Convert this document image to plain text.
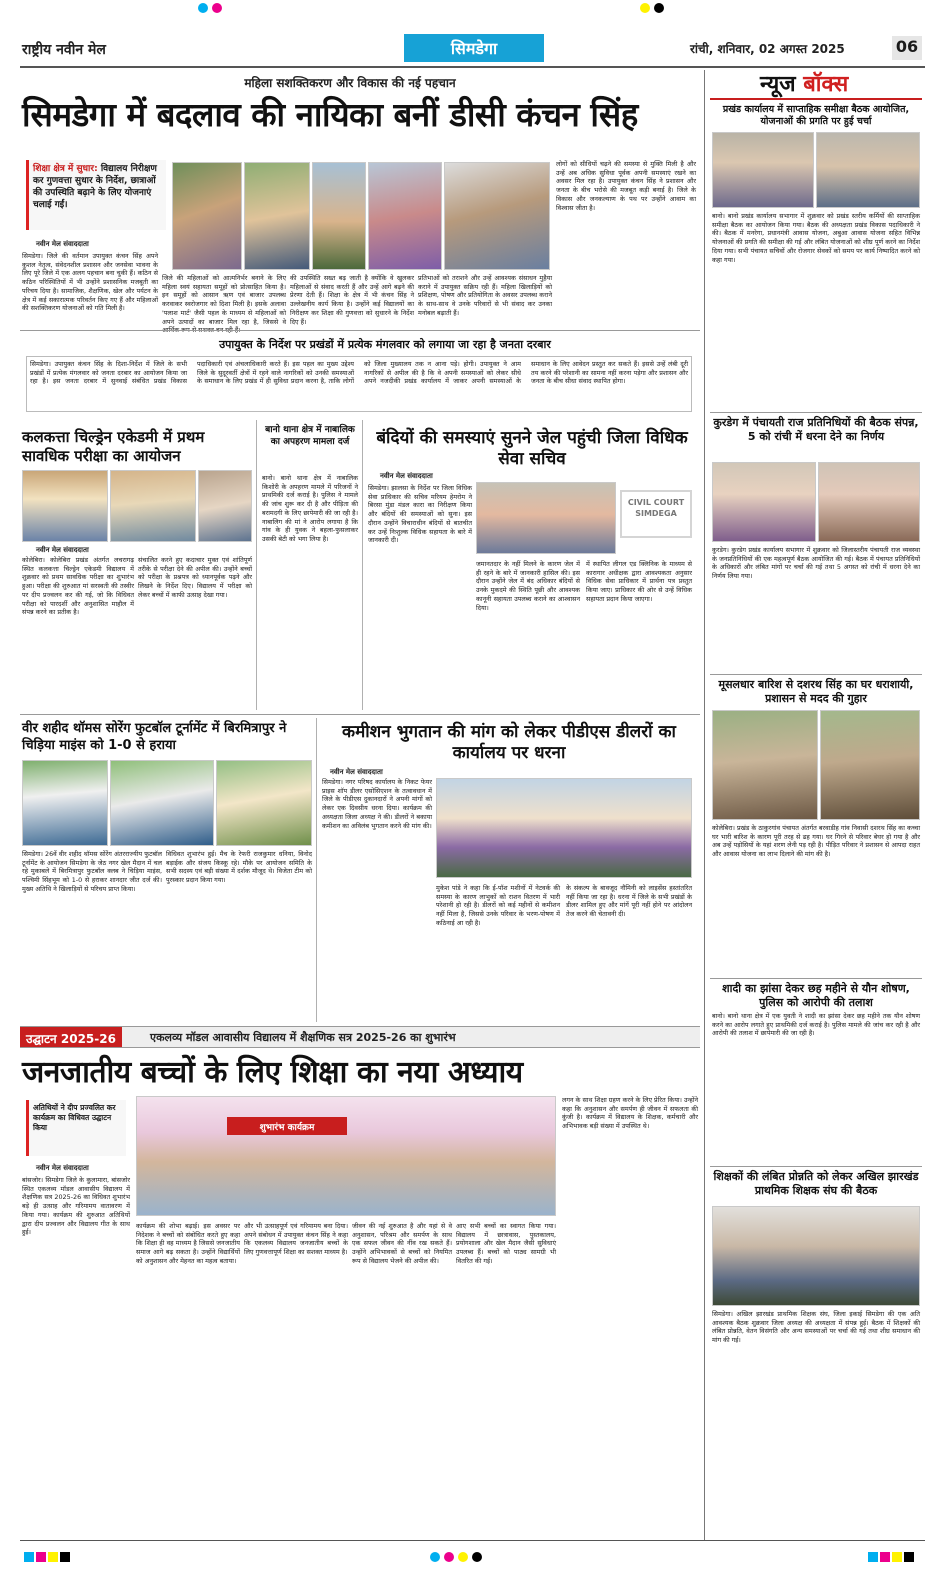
राष्ट्रीय नवीन मेल	सिमडेगा	रांची, शनिवार, 02 अगस्त 2025	06
महिला सशक्तिकरण और विकास की नई पहचान
सिमडेगा में बदलाव की नायिका बनीं डीसी कंचन सिंह
शिक्षा क्षेत्र में सुधार: विद्यालय निरीक्षण कर गुणवत्ता सुधार के निर्देश, छात्राओं की उपस्थिति बढ़ाने के लिए योजनाएं चलाई गईं।
नवीन मेल संवाददाता
सिमडेगा। जिले की वर्तमान उपायुक्त कंचन सिंह अपने कुशल नेतृत्व, संवेदनशील प्रशासन और जनसेवा भावना के लिए पूरे जिले में एक अलग पहचान बना चुकी हैं। कठिन से कठिन परिस्थितियों में भी उन्होंने प्रशासनिक मजबूती का परिचय दिया है। सामाजिक, शैक्षणिक, खेल और पर्यटन के क्षेत्र में कई सकारात्मक परिवर्तन किए गए हैं और महिलाओं की सशक्तिकरण योजनाओं को गति मिली है।
जिले की महिलाओं को आत्मनिर्भर बनाने के लिए महिला स्वयं सहायता समूहों को प्रोत्साहित किया है। इन समूहों को आसान ऋण एवं बाजार उपलब्ध करवाकर स्वरोजगार को दिशा मिली है। इसके अलावा 'पलाश मार्ट' जैसी पहल के माध्यम से महिलाओं को अपने उत्पादों का बाजार मिल रहा है, जिससे वे
की उपस्थिति सख्त बढ़ जाती है क्योंकि वे खुलकर महिलाओं से संवाद करती हैं और उन्हें आगे बढ़ने की प्रेरणा देती हैं। शिक्षा के क्षेत्र में भी कंचन सिंह ने उल्लेखनीय कार्य किया है। उन्होंने कई विद्यालयों का निरीक्षण कर शिक्षा की गुणवत्ता को सुधारने के निर्देश दिए हैं।
प्रतिभाओं को तराशने और उन्हें आवश्यक संसाधन मुहैया कराने में उपायुक्त सक्रिय रही हैं। महिला खिलाड़ियों को प्रशिक्षण, पोषण और प्रतियोगिता के अवसर उपलब्ध कराने के साथ-साथ वे उनके परिवारों से भी संवाद कर उनका मनोबल बढ़ाती हैं।
लोगों को सीधियों चढ़ने की समस्या से मुक्ति मिली है और उन्हें अब अधिक सुविधा पूर्वक अपनी समस्याएं रखने का अवसर मिल रहा है। उपायुक्त कंचन सिंह ने प्रशासन और जनता के बीच भरोसे की मजबूत कड़ी बनाई है। जिले के विकास और जनकल्याण के पथ पर उन्होंने आवाम का विश्वास जीता है।
उपायुक्त के निर्देश पर प्रखंडों में प्रत्येक मंगलवार को लगाया जा रहा है जनता दरबार
सिमडेगा। उपायुक्त कंचन सिंह के दिशा-निर्देश में जिले के सभी प्रखंडों में प्रत्येक मंगलवार को जनता दरबार का आयोजन किया जा रहा है। इस जनता दरबार में सुनवाई संबंधित प्रखंड विकास पदाधिकारी एवं अंचलाधिकारी करते हैं। इस पहल का मुख्य उद्देश्य जिले के सुदूरवर्ती क्षेत्रों में रहने वाले नागरिकों को उनकी समस्याओं के समाधान के लिए प्रखंड में ही सुविधा प्रदान करना है, ताकि लोगों को जिला मुख्यालय तक न आना पड़े। होगी। उपायुक्त ने आम नागरिकों से अपील की है कि वे अपनी समस्याओं को लेकर सीधे अपने नजदीकी प्रखंड कार्यालय में जाकर अपनी समस्याओं के समाधान के लिए आवेदन प्रस्तुत कर सकते हैं। इससे उन्हें लंबी दूरी तय करने की परेशानी का सामना नहीं करना पड़ेगा और प्रशासन और जनता के बीच सीधा संवाद स्थापित होगा।
कलकत्ता चिल्ड्रेन एकेडमी में प्रथम सावधिक परीक्षा का आयोजन
नवीन मेल संवाददाता
कोलेबिरा। कोलेबिरा प्रखंड अंतर्गत लचरागढ़ स्थित कलकत्ता चिल्ड्रेन एकेडमी विद्यालय में शुक्रवार को प्रथम सावधिक परीक्षा का शुभारंभ हुआ। परीक्षा की शुरुआत मां सरस्वती की तस्वीर पर दीप प्रज्वलन कर की गई, जो कि विधिवत परीक्षा को पारदर्शी और अनुशासित माहौल में संपन्न करने का प्रतीक है।
संचालित करने हुए कदाचार मुक्त एवं शांतिपूर्ण तरीके से परीक्षा देने की अपील की। उन्होंने बच्चों को परीक्षा के प्रश्नपत्र को ध्यानपूर्वक पढ़ने और लिखने के निर्देश दिए। विद्यालय में परीक्षा को लेकर बच्चों में काफी उत्साह देखा गया।
बानो थाना क्षेत्र में नाबालिक का अपहरण मामला दर्ज
बानो। बानो थाना क्षेत्र में नाबालिक किशोरी के अपहरण मामले में परिजनों ने प्राथमिकी दर्ज कराई है। पुलिस ने मामले की जांच शुरू कर दी है और पीड़िता की बरामदगी के लिए छापेमारी की जा रही है। नाबालिग की मां ने आरोप लगाया है कि गांव के ही युवक ने बहला-फुसलाकर उसकी बेटी को भगा लिया है।
बंदियों की समस्याएं सुनने जेल पहुंची जिला विधिक सेवा सचिव
नवीन मेल संवाददाता
सिमडेगा। झालसा के निर्देश पर जिला विधिक सेवा प्राधिकार की सचिव मरियम हेमरोम ने बिरसा मुंडा मंडल कारा का निरीक्षण किया और बंदियों की समस्याओं को सुना। इस दौरान उन्होंने विचाराधीन बंदियों से बातचीत कर उन्हें निःशुल्क विधिक सहायता के बारे में जानकारी दी।
CIVIL COURT SIMDEGA
जमानतदार के नहीं मिलने के कारण जेल में ही रहने के बारे में जानकारी हासिल की। इस दौरान उन्होंने जेल में बंद अधिकार बंदियों से उनके मुकदमे की स्थिति पूछी और आवश्यक कानूनी सहायता उपलब्ध कराने का आश्वासन दिया।
में स्थापित लीगल एड क्लिनिक के माध्यम से कारागार अधीक्षक द्वारा आवश्यकता अनुसार विधिक सेवा प्राधिकार में प्रार्थना पत्र प्रस्तुत किया जाए। प्राधिकार की ओर से उन्हें विधिक सहायता प्रदान किया जाएगा।
वीर शहीद थॉमस सोरेंग फुटबॉल टूर्नामेंट में बिरमित्रापुर ने चिड़िया माइंस को 1-0 से हराया
सिमडेगा। 26वें वीर शहीद थॉमस सोरेंग अंतरराज्यीय फुटबॉल टूर्नामेंट के आयोजन सिमडेगा के जेठ नगर खेल मैदान में चल रहे मुकाबले में बिरमित्रापुर फुटबॉल क्लब ने चिड़िया माइंस, पश्चिमी सिंहभूम को 1-0 से हराकर शानदार जीत दर्ज की। मुख्य अतिथि ने खिलाड़ियों से परिचय प्राप्त किया।
विधिवत शुभारंभ हुई। मैच के रेफरी राजकुमार धनिया, विनोद बड़ाईक और संजय किस्कू रहे। मौके पर आयोजन समिति के सभी सदस्य एवं बड़ी संख्या में दर्शक मौजूद थे। विजेता टीम को पुरस्कार प्रदान किया गया।
कमीशन भुगतान की मांग को लेकर पीडीएस डीलरों का कार्यालय पर धरना
नवीन मेल संवाददाता
सिमडेगा। नगर परिषद कार्यालय के निकट फेयर प्राइस शॉप डीलर एसोसिएशन के तत्वावधान में जिले के पीडीएस दुकानदारों ने अपनी मांगों को लेकर एक दिवसीय धरना दिया। कार्यक्रम की अध्यक्षता जिला अध्यक्ष ने की। डीलरों ने बकाया कमीशन का अविलंब भुगतान करने की मांग की।
मुकेश पांडे ने कहा कि ई-पॉश मशीनों में नेटवर्क की समस्या के कारण लाभुकों को राशन वितरण में भारी परेशानी हो रही है। डीलरों को कई महीनों से कमीशन नहीं मिला है, जिससे उनके परिवार के भरण-पोषण में कठिनाई आ रही है।
के संकल्प के बावजूद नौमिनी को लाइसेंस हस्तांतरित नहीं किया जा रहा है। धरना में जिले के सभी प्रखंडों के डीलर शामिल हुए और मांगें पूरी नहीं होने पर आंदोलन तेज करने की चेतावनी दी।
उद्घाटन 2025-26	एकलव्य मॉडल आवासीय विद्यालय में शैक्षणिक सत्र 2025-26 का शुभारंभ
जनजातीय बच्चों के लिए शिक्षा का नया अध्याय
अतिथियों ने दीप प्रज्वलित कर कार्यक्रम का विधिवत उद्घाटन किया
नवीन मेल संवाददाता
बांसजोर। सिमडेगा जिले के कुलामारा, बांसजोर स्थित एकलव्य मॉडल आवासीय विद्यालय में शैक्षणिक सत्र 2025-26 का विधिवत शुभारंभ बड़े ही उत्साह और गरिमामय वातावरण में किया गया। कार्यक्रम की शुरुआत अतिथियों द्वारा दीप प्रज्वलन और विद्यालय गीत के साथ हुई।
शुभारंभ कार्यक्रम
कार्यक्रम की शोभा बढ़ाई। इस अवसर पर निदेशक ने बच्चों को संबोधित करते हुए कहा कि शिक्षा ही वह माध्यम है जिससे जनजातीय समाज आगे बढ़ सकता है। उन्होंने विद्यार्थियों को अनुशासन और मेहनत का महत्व बताया।
और भी उत्साहपूर्ण एवं गरिमामय बना दिया। अपने संबोधन में उपायुक्त कंचन सिंह ने कहा कि एकलव्य विद्यालय जनजातीय बच्चों के लिए गुणवत्तापूर्ण शिक्षा का सशक्त माध्यम है।
जीवन की नई शुरुआत है और यहां से वे अनुशासन, परिश्रम और समर्पण के साथ एक सफल जीवन की नींव रख सकते हैं। उन्होंने अभिभावकों से बच्चों को नियमित रूप से विद्यालय भेजने की अपील की।
आए सभी बच्चों का स्वागत किया गया। विद्यालय में छात्रावास, पुस्तकालय, प्रयोगशाला और खेल मैदान जैसी सुविधाएं उपलब्ध हैं। बच्चों को पाठ्य सामग्री भी वितरित की गई।
लगन के साथ शिक्षा ग्रहण करने के लिए प्रेरित किया। उन्होंने कहा कि अनुशासन और समर्पण ही जीवन में सफलता की कुंजी है। कार्यक्रम में विद्यालय के शिक्षक, कर्मचारी और अभिभावक बड़ी संख्या में उपस्थित थे।
न्यूज बॉक्स
प्रखंड कार्यालय में साप्ताहिक समीक्षा बैठक आयोजित, योजनाओं की प्रगति पर हुई चर्चा
बानो। बानो प्रखंड कार्यालय सभागार में शुक्रवार को प्रखंड स्तरीय कर्मियों की साप्ताहिक समीक्षा बैठक का आयोजन किया गया। बैठक की अध्यक्षता प्रखंड विकास पदाधिकारी ने की। बैठक में मनरेगा, प्रधानमंत्री आवास योजना, अबुआ आवास योजना सहित विभिन्न योजनाओं की प्रगति की समीक्षा की गई और लंबित योजनाओं को शीघ्र पूर्ण करने का निर्देश दिया गया। सभी पंचायत सचिवों और रोजगार सेवकों को समय पर कार्य निष्पादित करने को कहा गया।
कुरडेग में पंचायती राज प्रतिनिधियों की बैठक संपन्न, 5 को रांची में धरना देने का निर्णय
कुरडेग। कुरडेग प्रखंड कार्यालय सभागार में शुक्रवार को जिलास्तरीय पंचायती राज व्यवस्था के जनप्रतिनिधियों की एक महत्वपूर्ण बैठक आयोजित की गई। बैठक में पंचायत प्रतिनिधियों के अधिकारों और लंबित मांगों पर चर्चा की गई तथा 5 अगस्त को रांची में धरना देने का निर्णय लिया गया।
मूसलधार बारिश से दशरथ सिंह का घर धराशायी, प्रशासन से मदद की गुहार
कोलेबिरा। प्रखंड के ठाकुरगांव पंचायत अंतर्गत बरवाडीह गांव निवासी दशरथ सिंह का कच्चा घर भारी बारिश के कारण पूरी तरह से ढह गया। घर गिरने से परिवार बेघर हो गया है और अब उन्हें पड़ोसियों के यहां शरण लेनी पड़ रही है। पीड़ित परिवार ने प्रशासन से आपदा राहत और आवास योजना का लाभ दिलाने की मांग की है।
शादी का झांसा देकर छह महीने से यौन शोषण, पुलिस को आरोपी की तलाश
बानो। बानो थाना क्षेत्र में एक युवती ने शादी का झांसा देकर छह महीने तक यौन शोषण करने का आरोप लगाते हुए प्राथमिकी दर्ज कराई है। पुलिस मामले की जांच कर रही है और आरोपी की तलाश में छापेमारी की जा रही है।
शिक्षकों की लंबित प्रोन्नति को लेकर अखिल झारखंड प्राथमिक शिक्षक संघ की बैठक
सिमडेगा। अखिल झारखंड प्राथमिक शिक्षक संघ, जिला इकाई सिमडेगा की एक अति आवश्यक बैठक शुक्रवार जिला अध्यक्ष की अध्यक्षता में संपन्न हुई। बैठक में शिक्षकों की लंबित प्रोन्नति, वेतन विसंगति और अन्य समस्याओं पर चर्चा की गई तथा शीघ्र समाधान की मांग की गई।
